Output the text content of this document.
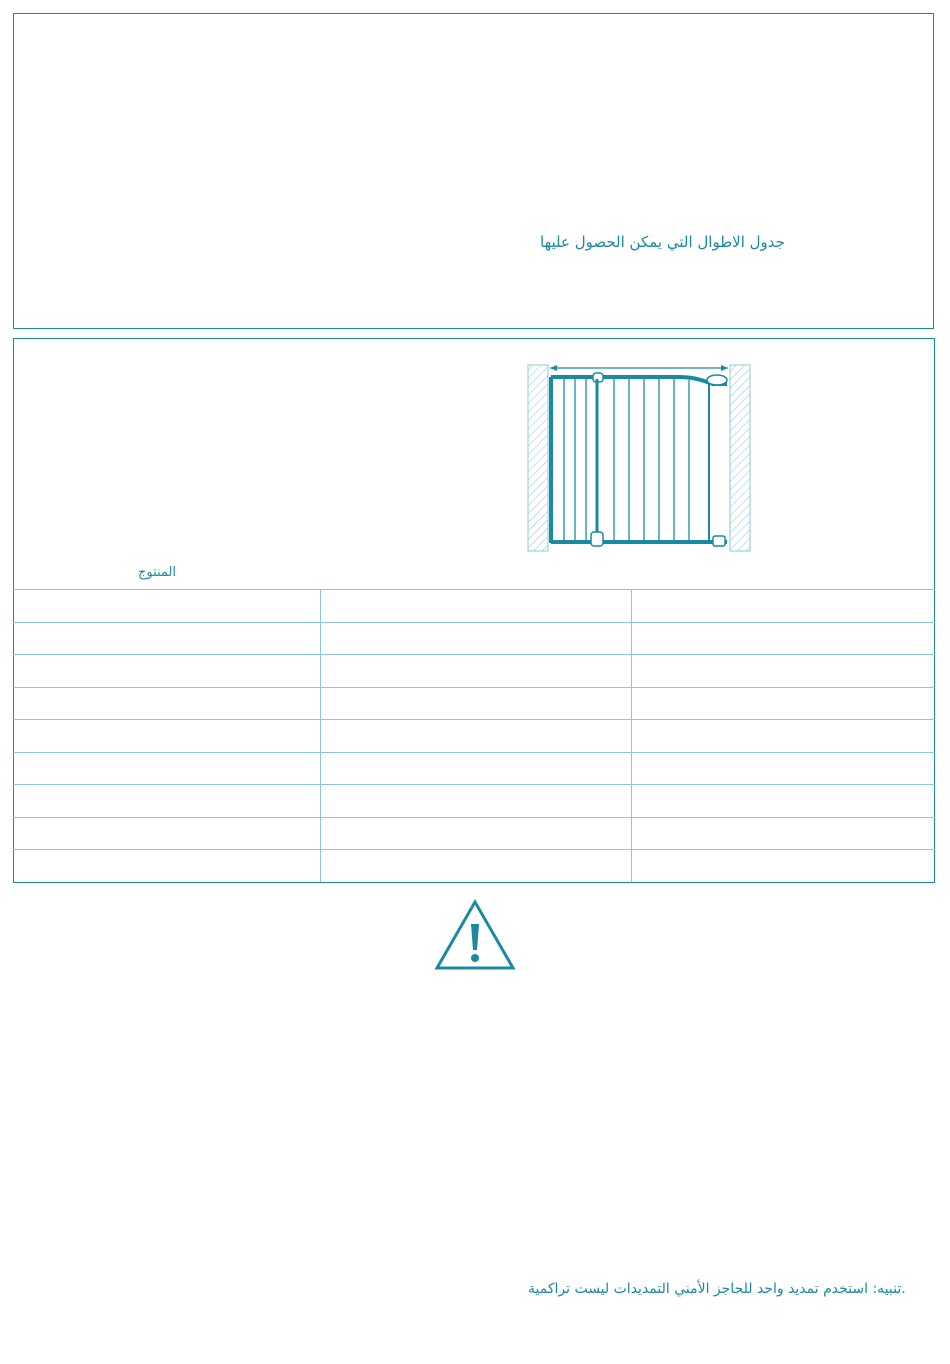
جدول الاطوال التي يمكن الحصول عليها
المنتوج
.تنبيه: استخدم تمديد واحد للحاجز الأمني التمديدات ليست تراكمية
